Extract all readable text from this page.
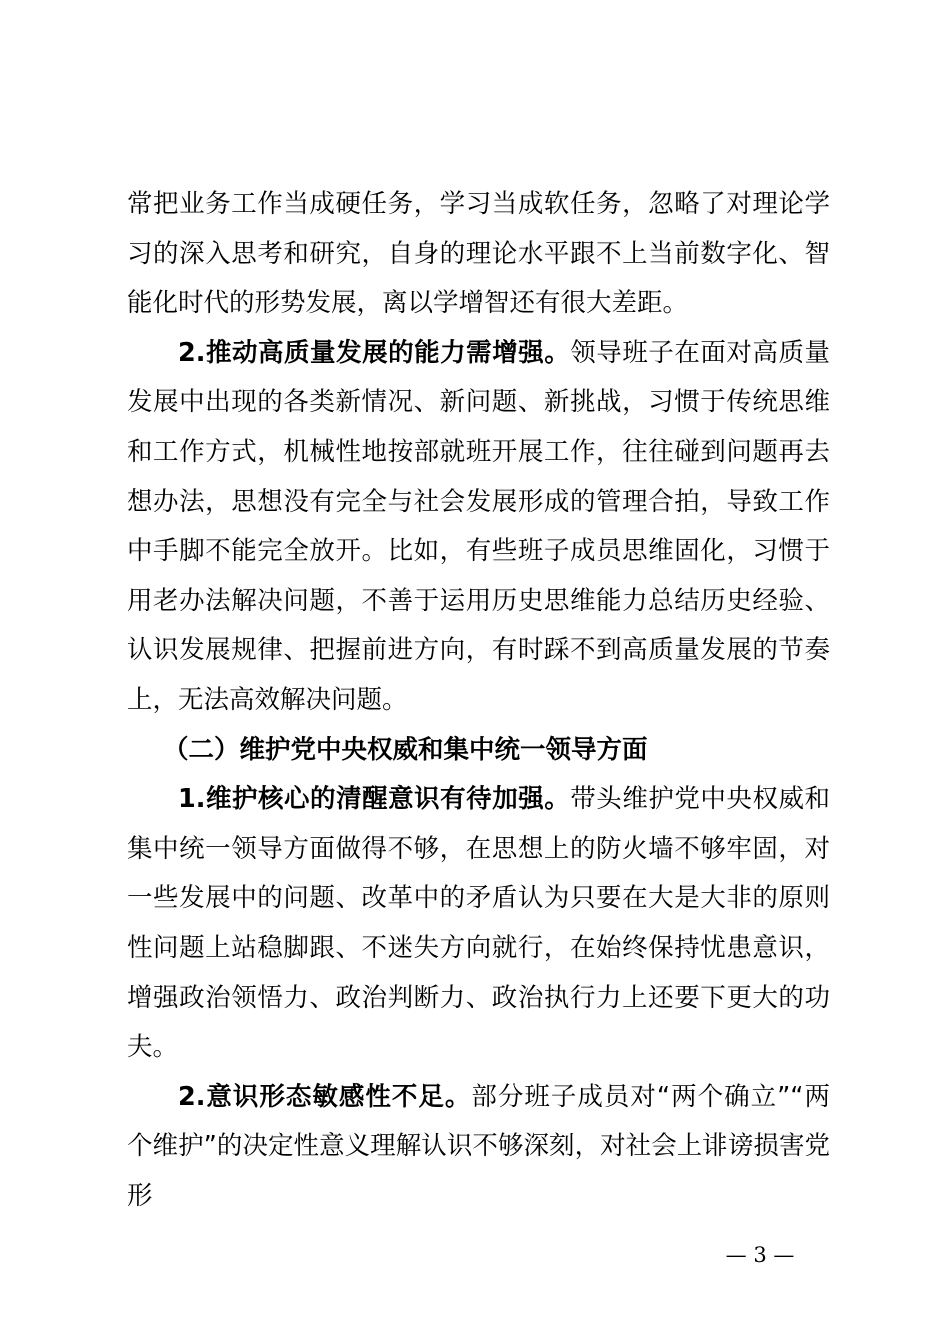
常把业务工作当成硬任务，学习当成软任务，忽略了对理论学习的深入思考和研究，自身的理论水平跟不上当前数字化、智能化时代的形势发展，离以学增智还有很大差距。

2.推动高质量发展的能力需增强。领导班子在面对高质量发展中出现的各类新情况、新问题、新挑战，习惯于传统思维和工作方式，机械性地按部就班开展工作，往往碰到问题再去想办法，思想没有完全与社会发展形成的管理合拍，导致工作中手脚不能完全放开。比如，有些班子成员思维固化，习惯于用老办法解决问题，不善于运用历史思维能力总结历史经验、认识发展规律、把握前进方向，有时踩不到高质量发展的节奏上，无法高效解决问题。

（二）维护党中央权威和集中统一领导方面

1.维护核心的清醒意识有待加强。带头维护党中央权威和集中统一领导方面做得不够，在思想上的防火墙不够牢固，对一些发展中的问题、改革中的矛盾认为只要在大是大非的原则性问题上站稳脚跟、不迷失方向就行，在始终保持忧患意识，增强政治领悟力、政治判断力、政治执行力上还要下更大的功夫。

2.意识形态敏感性不足。部分班子成员对“两个确立”“两个维护”的决定性意义理解认识不够深刻，对社会上诽谤损害党形

— 3 —
